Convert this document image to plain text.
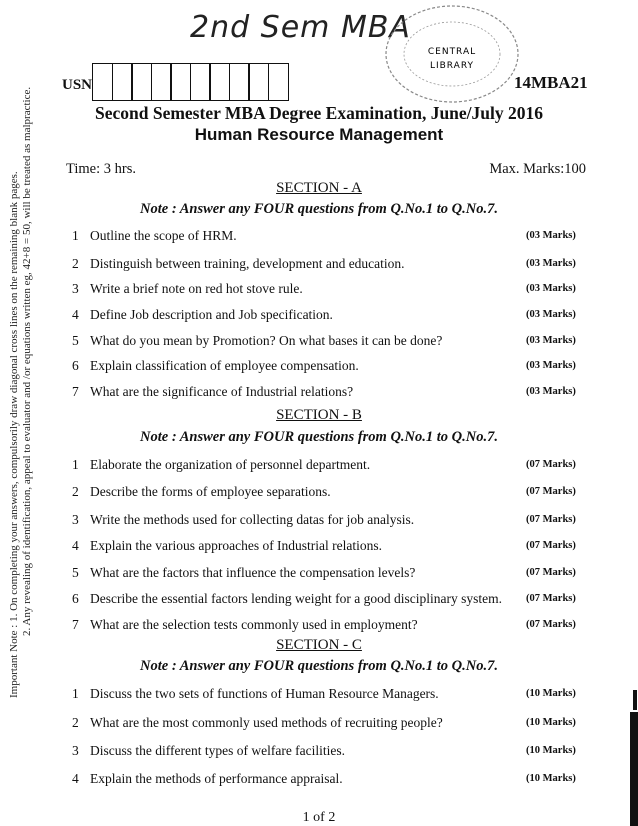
2nd Sem MBA
CENTRAL
LIBRARY
USN	14MBA21
Second Semester MBA Degree Examination, June/July 2016
Human Resource Management
Time: 3 hrs.	Max. Marks:100
Important Note : 1. On completing your answers, compulsorily draw diagonal cross lines on the remaining blank pages. 2. Any revealing of identification, appeal to evaluator and /or equations written eg, 42+8 = 50, will be treated as malpractice.	SECTION - A
Note : Answer any FOUR questions from Q.No.1 to Q.No.7.
1 Outline the scope of HRM.	(03 Marks)
2 Distinguish between training, development and education.	(03 Marks)
3 Write a brief note on red hot stove rule.	(03 Marks)
4 Define Job description and Job specification.	(03 Marks)
5 What do you mean by Promotion? On what bases it can be done?	(03 Marks)
6 Explain classification of employee compensation.	(03 Marks)
7 What are the significance of Industrial relations?	(03 Marks)
SECTION - B
Note : Answer any FOUR questions from Q.No.1 to Q.No.7.
1 Elaborate the organization of personnel department.	(07 Marks)
2 Describe the forms of employee separations.	(07 Marks)
3 Write the methods used for collecting datas for job analysis.	(07 Marks)
4 Explain the various approaches of Industrial relations.	(07 Marks)
5 What are the factors that influence the compensation levels?	(07 Marks)
6 Describe the essential factors lending weight for a good disciplinary system. (07 Marks)
7 What are the selection tests commonly used in employment?	(07 Marks)
SECTION - C
Note : Answer any FOUR questions from Q.No.1 to Q.No.7.
1 Discuss the two sets of functions of Human Resource Managers.	(10 Marks)
2 What are the most commonly used methods of recruiting people?	(10 Marks)
3 Discuss the different types of welfare facilities.	(10 Marks)
4 Explain the methods of performance appraisal.	(10 Marks)
1 of 2
